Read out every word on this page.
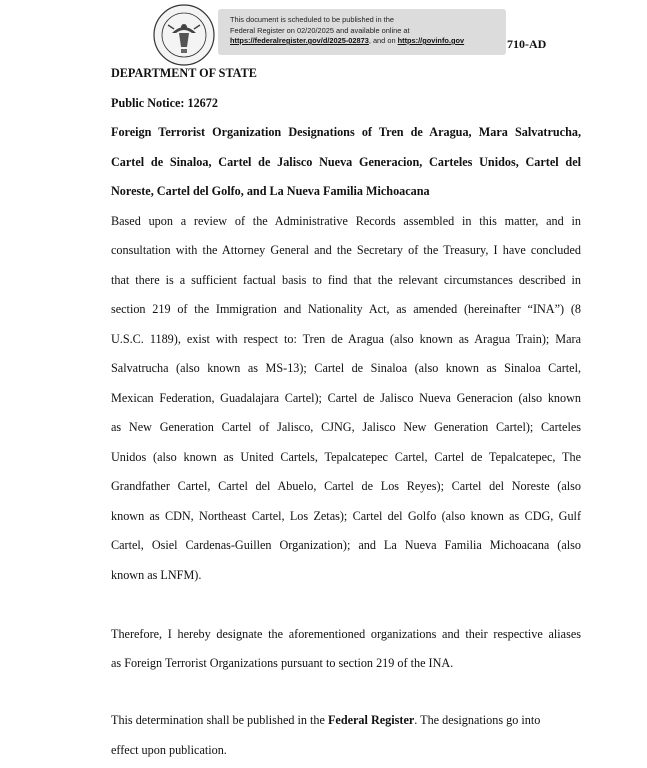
This document is scheduled to be published in the
Federal Register on 02/20/2025 and available online at
https://federalregister.gov/d/2025-02873, and on https://govinfo.gov	710-AD
DEPARTMENT OF STATE
Public Notice: 12672
Foreign Terrorist Organization Designations of Tren de Aragua, Mara Salvatrucha,
Cartel de Sinaloa, Cartel de Jalisco Nueva Generacion, Carteles Unidos, Cartel del
Noreste, Cartel del Golfo, and La Nueva Familia Michoacana
Based upon a review of the Administrative Records assembled in this matter, and in
consultation with the Attorney General and the Secretary of the Treasury, I have concluded
that there is a sufficient factual basis to find that the relevant circumstances described in
section 219 of the Immigration and Nationality Act, as amended (hereinafter “INA”) (8
U.S.C. 1189), exist with respect to: Tren de Aragua (also known as Aragua Train); Mara
Salvatrucha (also known as MS-13); Cartel de Sinaloa (also known as Sinaloa Cartel,
Mexican Federation, Guadalajara Cartel); Cartel de Jalisco Nueva Generacion (also known
as New Generation Cartel of Jalisco, CJNG, Jalisco New Generation Cartel); Carteles
Unidos (also known as United Cartels, Tepalcatepec Cartel, Cartel de Tepalcatepec, The
Grandfather Cartel, Cartel del Abuelo, Cartel de Los Reyes); Cartel del Noreste (also
known as CDN, Northeast Cartel, Los Zetas); Cartel del Golfo (also known as CDG, Gulf
Cartel, Osiel Cardenas-Guillen Organization); and La Nueva Familia Michoacana (also
known as LNFM).
Therefore, I hereby designate the aforementioned organizations and their respective aliases
as Foreign Terrorist Organizations pursuant to section 219 of the INA.
This determination shall be published in the Federal Register. The designations go into
effect upon publication.
